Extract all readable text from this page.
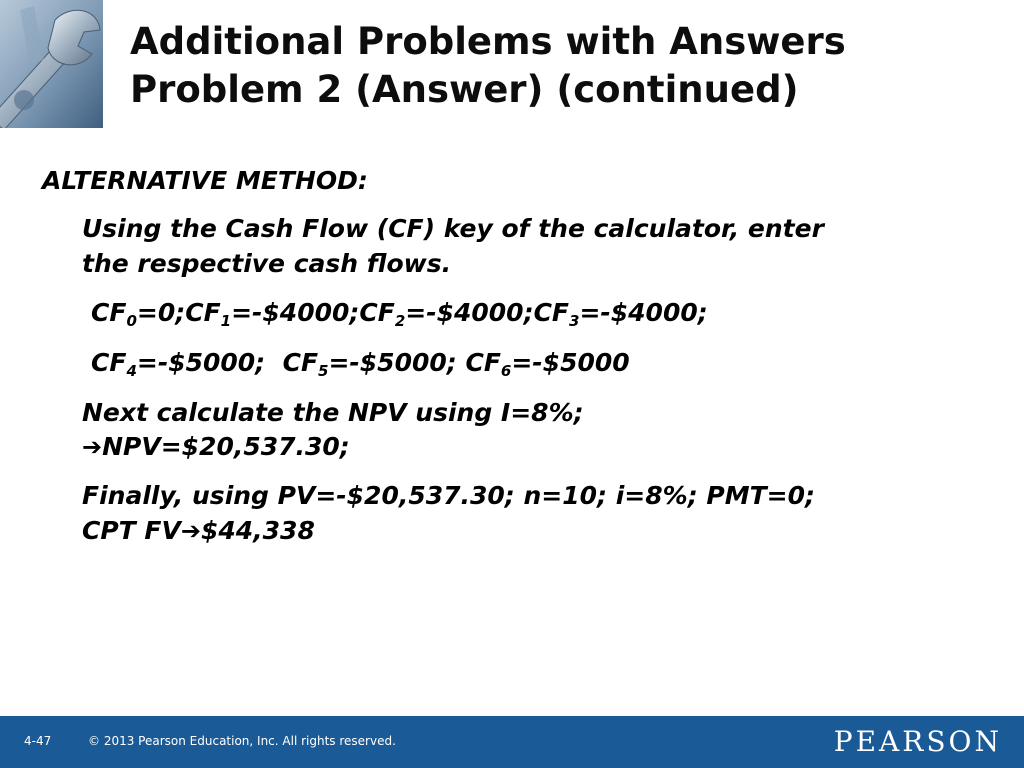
Additional Problems with Answers
Problem 2 (Answer) (continued)
ALTERNATIVE METHOD:
Using the Cash Flow (CF) key of the calculator, enter
the respective cash flows.
$CF_0=0;CF_1=-\$4000;CF_2=-\$4000;CF_3=-\$4000$;
$CF_4=-\$5000$; $CF_5=-\$5000$; $CF_6=-\$5000$
Next calculate the NPV using I=8%;
➔NPV=$20,537.30;
Finally, using PV=-$20,537.30; n=10; i=8%; PMT=0;
CPT FV➔$44,338
4-47	© 2013 Pearson Education, Inc. All rights reserved.	PEARSON
